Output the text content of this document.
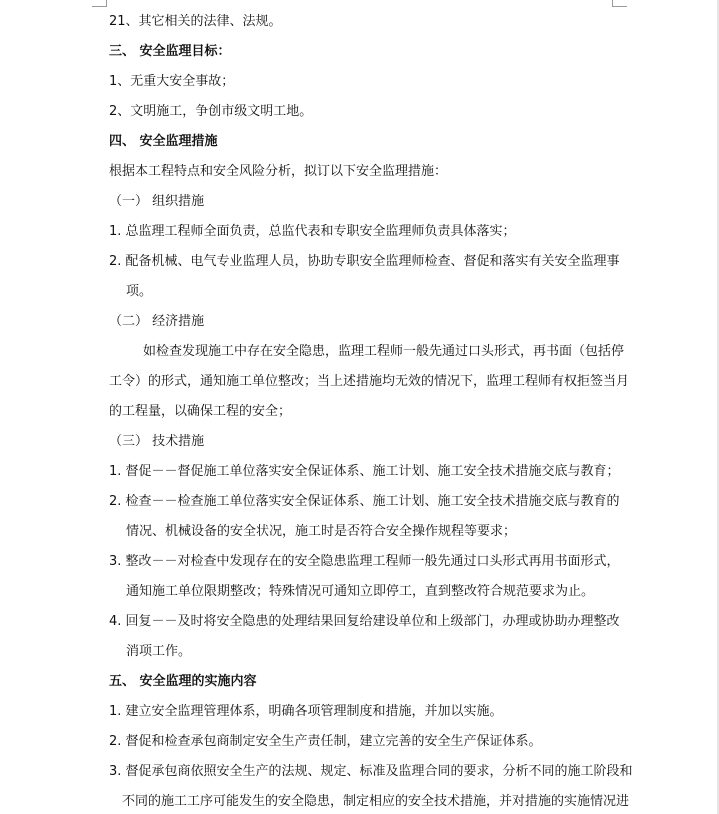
21、其它相关的法律、法规。
三、 安全监理目标：
1、无重大安全事故；
2、文明施工，争创市级文明工地。
四、 安全监理措施
根据本工程特点和安全风险分析，拟订以下安全监理措施：
（一） 组织措施
1. 总监理工程师全面负责，总监代表和专职安全监理师负责具体落实；
2. 配备机械、电气专业监理人员，协助专职安全监理师检查、督促和落实有关安全监理事
项。
（二） 经济措施
如检查发现施工中存在安全隐患，监理工程师一般先通过口头形式，再书面（包括停
工令）的形式，通知施工单位整改；当上述措施均无效的情况下，监理工程师有权拒签当月
的工程量，以确保工程的安全；
（三） 技术措施
1. 督促－－督促施工单位落实安全保证体系、施工计划、施工安全技术措施交底与教育；
2. 检查－－检查施工单位落实安全保证体系、施工计划、施工安全技术措施交底与教育的
情况、机械设备的安全状况，施工时是否符合安全操作规程等要求；
3. 整改－－对检查中发现存在的安全隐患监理工程师一般先通过口头形式再用书面形式，
通知施工单位限期整改；特殊情况可通知立即停工，直到整改符合规范要求为止。
4. 回复－－及时将安全隐患的处理结果回复给建设单位和上级部门，办理或协助办理整改
消项工作。
五、 安全监理的实施内容
1. 建立安全监理管理体系，明确各项管理制度和措施，并加以实施。
2. 督促和检查承包商制定安全生产责任制，建立完善的安全生产保证体系。
3. 督促承包商依照安全生产的法规、规定、标准及监理合同的要求，分析不同的施工阶段和
不同的施工工序可能发生的安全隐患，制定相应的安全技术措施，并对措施的实施情况进
